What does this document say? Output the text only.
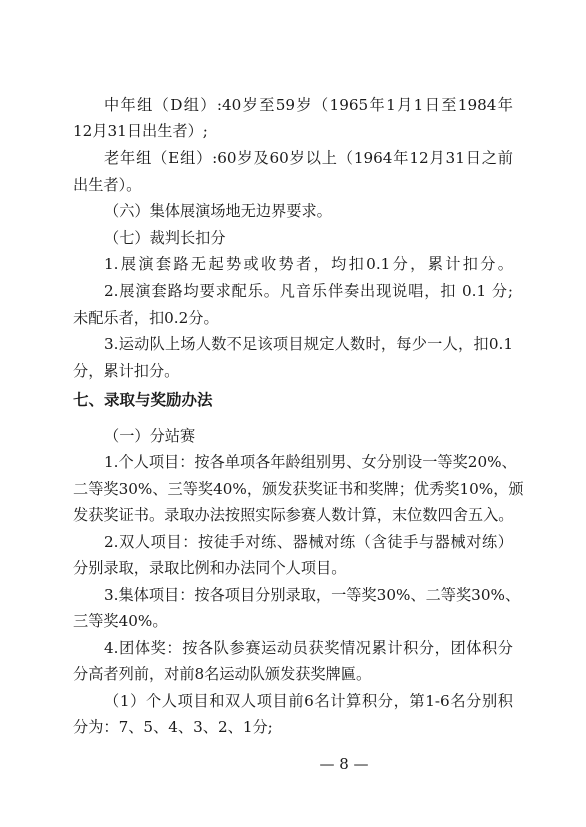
中年组（D组）:40岁至59岁（1965年1月1日至1984年
12月31日出生者）;
老年组（E组）:60岁及60岁以上（1964年12月31日之前
出生者）。
（六）集体展演场地无边界要求。
（七）裁判长扣分
1.展演套路无起势或收势者，均扣0.1分，累计扣分。
2.展演套路均要求配乐。凡音乐伴奏出现说唱，扣 0.1 分;
未配乐者，扣0.2分。
3.运动队上场人数不足该项目规定人数时，每少一人，扣0.1
分，累计扣分。
七、录取与奖励办法
（一）分站赛
1.个人项目：按各单项各年龄组别男、女分别设一等奖20%、
二等奖30%、三等奖40%，颁发获奖证书和奖牌；优秀奖10%，颁
发获奖证书。录取办法按照实际参赛人数计算，末位数四舍五入。
2.双人项目：按徒手对练、器械对练（含徒手与器械对练）
分别录取，录取比例和办法同个人项目。
3.集体项目：按各项目分别录取，一等奖30%、二等奖30%、
三等奖40%。
4.团体奖：按各队参赛运动员获奖情况累计积分，团体积分
分高者列前，对前8名运动队颁发获奖牌匾。
（1）个人项目和双人项目前6名计算积分，第1-6名分别积
分为：7、5、4、3、2、1分;
— 8 —
